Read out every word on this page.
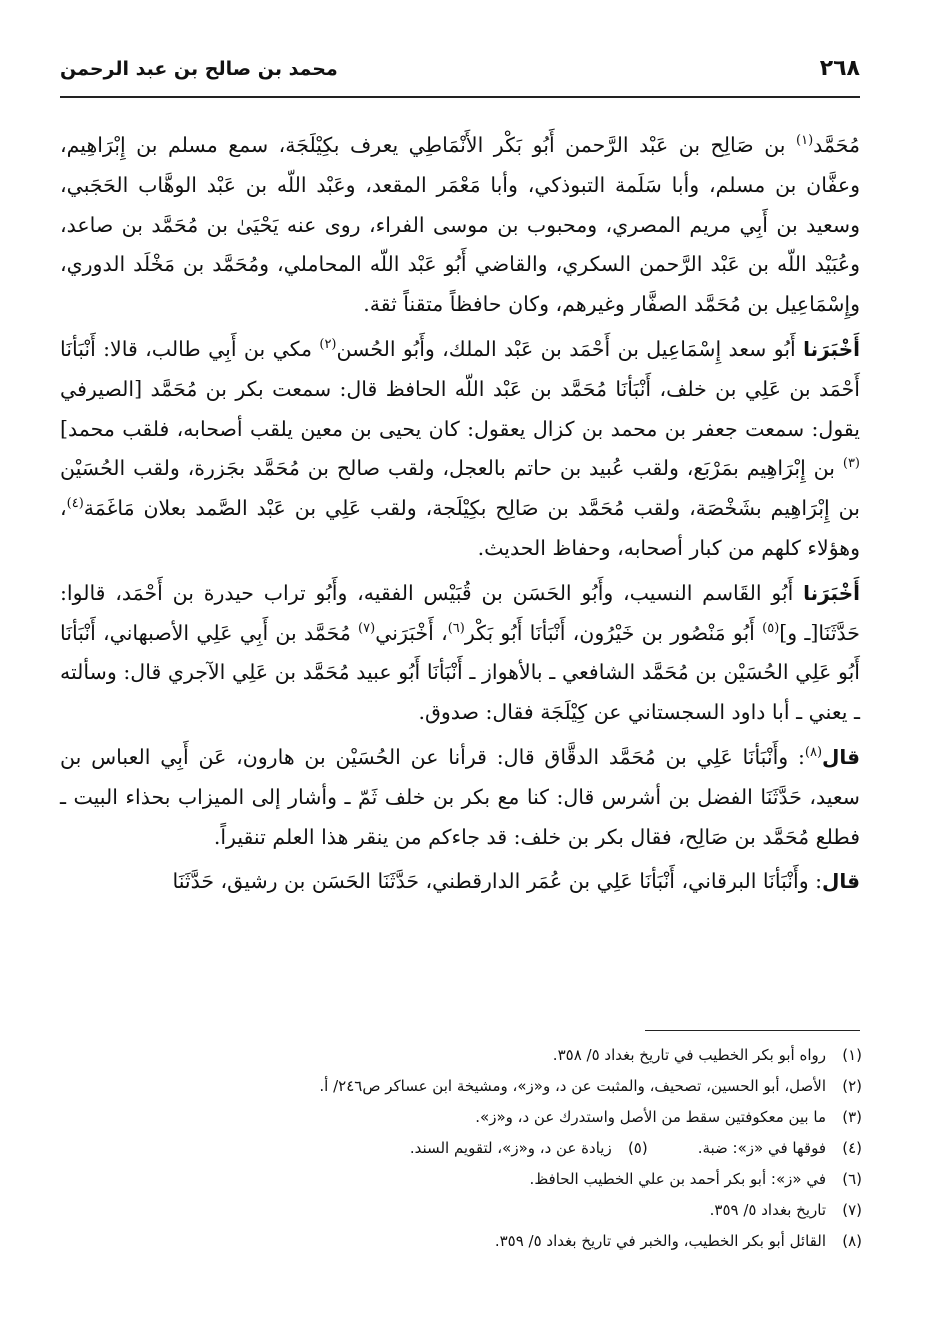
٢٦٨
محمد بن صالح بن عبد الرحمن

مُحَمَّد$^{(١)}$ بن صَالِح بن عَبْد الرَّحمن أَبُو بَكْر الأَنْمَاطِي يعرف بكِيْلَجَة، سمع مسلم بن إِبْرَاهِيم، وعفَّان بن مسلم، وأبا سَلَمة التبوذكي، وأبا مَعْمَر المقعد، وعَبْد اللّه بن عَبْد الوهَّاب الحَجَبي، وسعيد بن أَبِي مريم المصري، ومحبوب بن موسى الفراء، روى عنه يَحْيَىٰ بن مُحَمَّد بن صاعد، وعُبَيْد اللّه بن عَبْد الرَّحمن السكري، والقاضي أَبُو عَبْد اللّه المحاملي، ومُحَمَّد بن مَخْلَد الدوري، وإِسْمَاعِيل بن مُحَمَّد الصفَّار وغيرهم، وكان حافظاً متقناً ثقة.

أَخْبَرَنا أَبُو سعد إِسْمَاعِيل بن أَحْمَد بن عَبْد الملك، وأَبُو الحُسن$^{(٢)}$ مكي بن أَبِي طالب، قالا: أَنْبَأنَا أَحْمَد بن عَلِي بن خلف، أَنْبَأنَا مُحَمَّد بن عَبْد اللّه الحافظ قال: سمعت بكر بن مُحَمَّد [الصيرفي يقول: سمعت جعفر بن محمد بن كزال يعقول: كان يحيى بن معين يلقب أصحابه، فلقب محمد]$^{(٣)}$ بن إِبْرَاهِيم بمَرْبَع، ولقب عُبيد بن حاتم بالعجل، ولقب صالح بن مُحَمَّد بجَزرة، ولقب الحُسَيْن بن إِبْرَاهِيم بشَخْصَة، ولقب مُحَمَّد بن صَالِح بكِيْلَجة، ولقب عَلِي بن عَبْد الصَّمد بعلان مَاغَمَة$^{(٤)}$، وهؤلاء كلهم من كبار أصحابه، وحفاظ الحديث.

أَخْبَرَنا أَبُو القَاسم النسيب، وأَبُو الحَسَن بن قُبَيْس الفقيه، وأَبُو تراب حيدرة بن أَحْمَد، قالوا: حَدَّثَنَا[ـ و]$^{(٥)}$ أَبُو مَنْصُور بن خَيْرُون، أَنْبَأنَا أَبُو بَكْر$^{(٦)}$، أَخْبَرَني$^{(٧)}$ مُحَمَّد بن أَبِي عَلِي الأصبهاني، أَنْبَأنَا أَبُو عَلِي الحُسَيْن بن مُحَمَّد الشافعي ـ بالأهواز ـ أَنْبَأنَا أَبُو عبيد مُحَمَّد بن عَلِي الآجري قال: وسألته ـ يعني ـ أبا داود السجستاني عن كِيْلَجَة فقال: صدوق.

قال$^{(٨)}$: وأَنْبَأنَا عَلِي بن مُحَمَّد الدقَّاق قال: قرأنا عن الحُسَيْن بن هارون، عَن أَبِي العباس بن سعيد، حَدَّثَنَا الفضل بن أشرس قال: كنا مع بكر بن خلف ثَمّ ـ وأشار إلى الميزاب بحذاء البيت ـ فطلع مُحَمَّد بن صَالِح، فقال بكر بن خلف: قد جاءكم من ينقر هذا العلم تنقيراً.

قال: وأَنْبَأنَا البرقاني، أَنْبَأنَا عَلِي بن عُمَر الدارقطني، حَدَّثَنَا الحَسَن بن رشيق، حَدَّثَنَا

(١)
رواه أبو بكر الخطيب في تاريخ بغداد ٥/ ٣٥٨.
(٢)
الأصل، أبو الحسين، تصحيف، والمثبت عن د، و«ز»، ومشيخة ابن عساكر ص٢٤٦/ أ.
(٣)
ما بين معكوفتين سقط من الأصل واستدرك عن د، و«ز».
(٤)
فوقها في «ز»: ضبة.
(٥)
زيادة عن د، و«ز»، لتقويم السند.
(٦)
في «ز»: أبو بكر أحمد بن علي الخطيب الحافظ.
(٧)
تاريخ بغداد ٥/ ٣٥٩.
(٨)
القائل أبو بكر الخطيب، والخبر في تاريخ بغداد ٥/ ٣٥٩.
